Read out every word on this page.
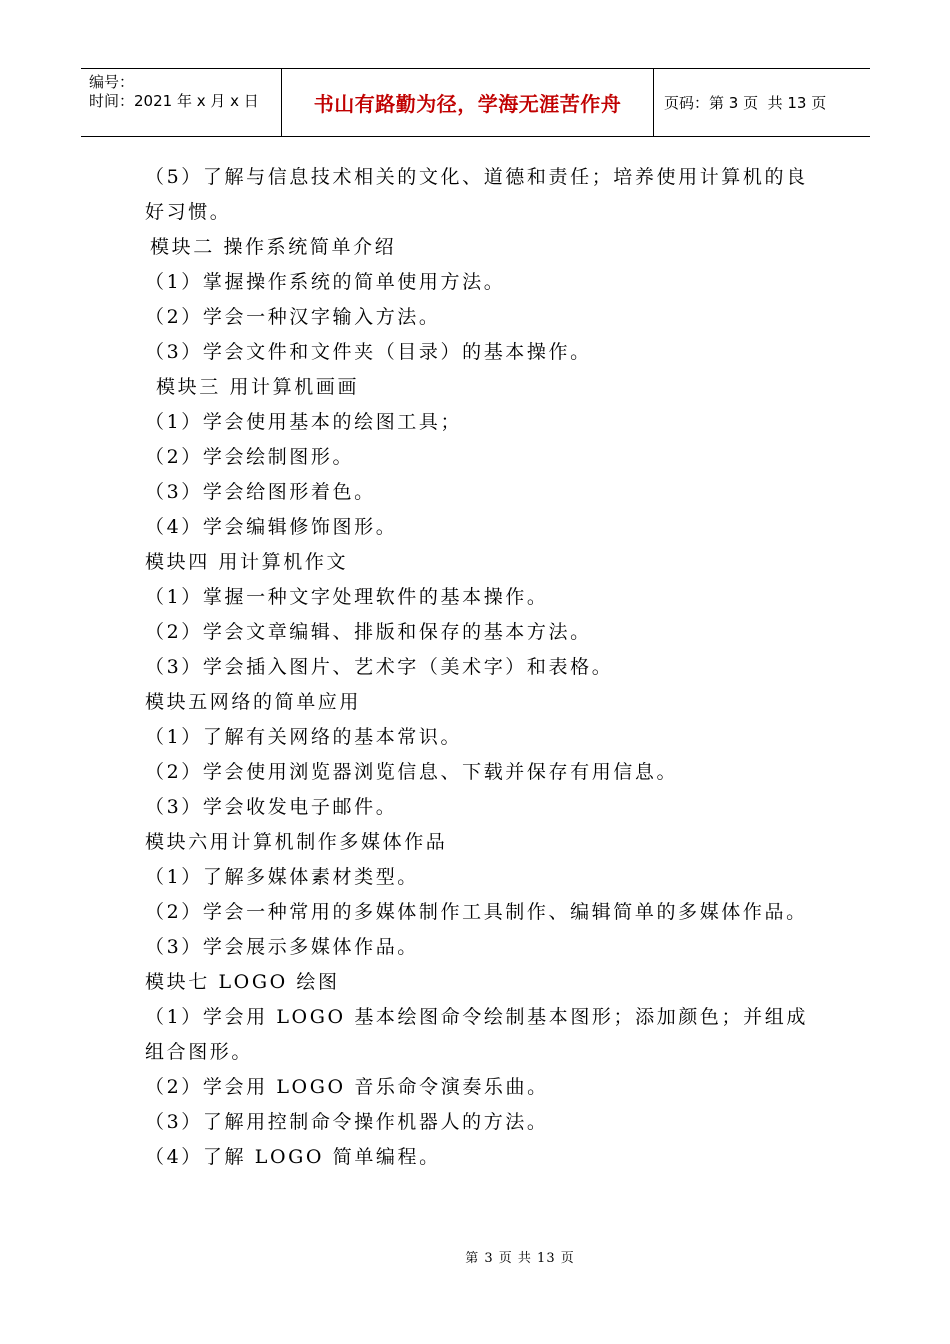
编号：
时间：2021 年 x 月 x 日	书山有路勤为径，学海无涯苦作舟	页码：第 3 页  共 13 页
（5）了解与信息技术相关的文化、道德和责任；培养使用计算机的良好习惯。
模块二 操作系统简单介绍
（1）掌握操作系统的简单使用方法。
（2）学会一种汉字输入方法。
（3）学会文件和文件夹（目录）的基本操作。
模块三 用计算机画画
（1）学会使用基本的绘图工具；
（2）学会绘制图形。
（3）学会给图形着色。
（4）学会编辑修饰图形。
模块四 用计算机作文
（1）掌握一种文字处理软件的基本操作。
（2）学会文章编辑、排版和保存的基本方法。
（3）学会插入图片、艺术字（美术字）和表格。
模块五网络的简单应用
（1）了解有关网络的基本常识。
（2）学会使用浏览器浏览信息、下载并保存有用信息。
（3）学会收发电子邮件。
模块六用计算机制作多媒体作品
（1）了解多媒体素材类型。
（2）学会一种常用的多媒体制作工具制作、编辑简单的多媒体作品。
（3）学会展示多媒体作品。
模块七 LOGO 绘图
（1）学会用 LOGO 基本绘图命令绘制基本图形；添加颜色；并组成组合图形。
（2）学会用 LOGO 音乐命令演奏乐曲。
（3）了解用控制命令操作机器人的方法。
（4）了解 LOGO 简单编程。
第 3 页 共 13 页
